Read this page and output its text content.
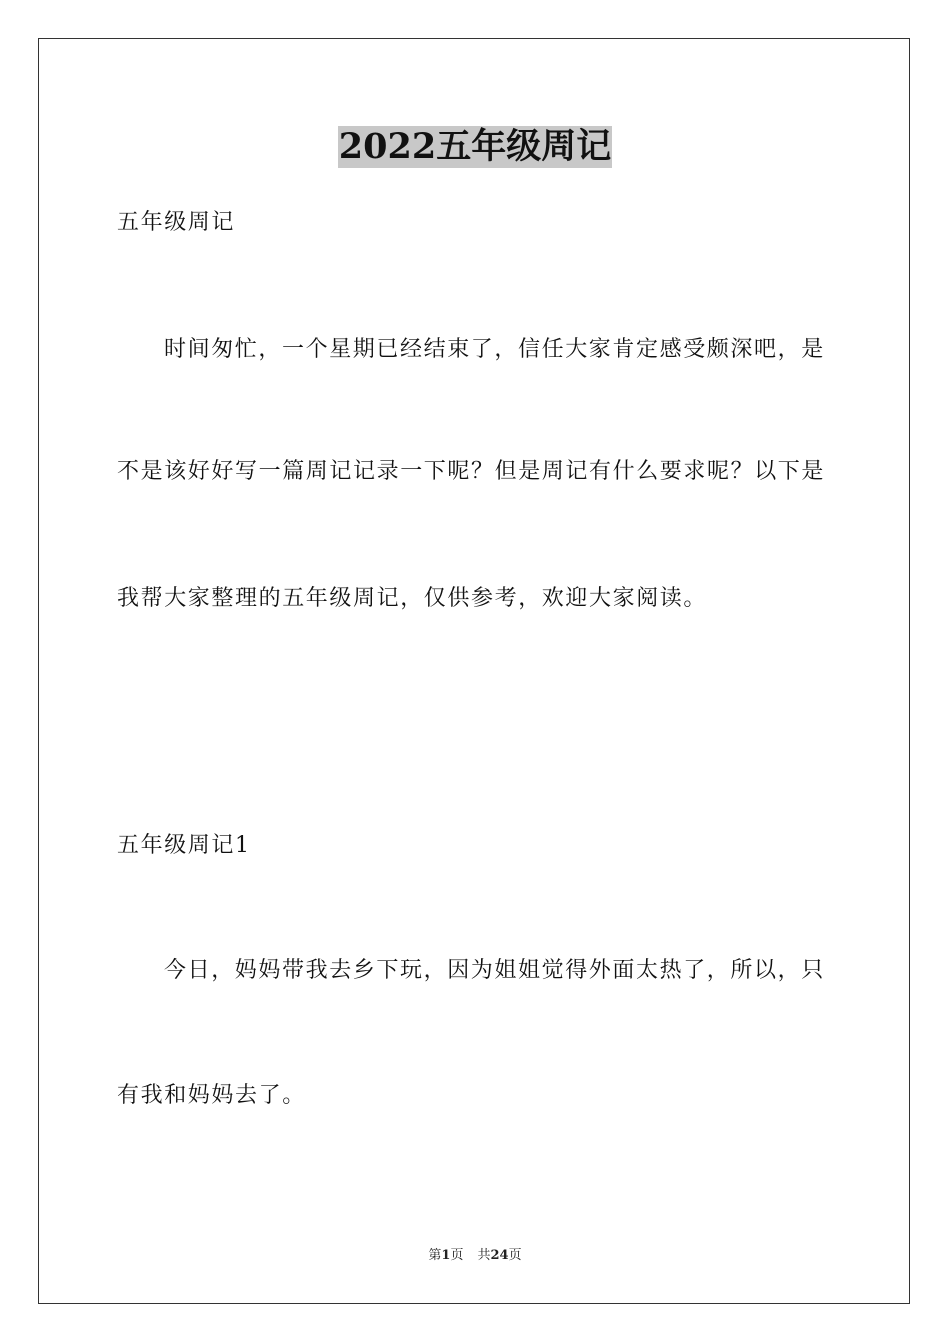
2022五年级周记
五年级周记
时间匆忙，一个星期已经结束了，信任大家肯定感受颇深吧，是
不是该好好写一篇周记记录一下呢？但是周记有什么要求呢？以下是
我帮大家整理的五年级周记，仅供参考，欢迎大家阅读。
五年级周记1
今日，妈妈带我去乡下玩，因为姐姐觉得外面太热了，所以，只
有我和妈妈去了。
第1页 共24页
